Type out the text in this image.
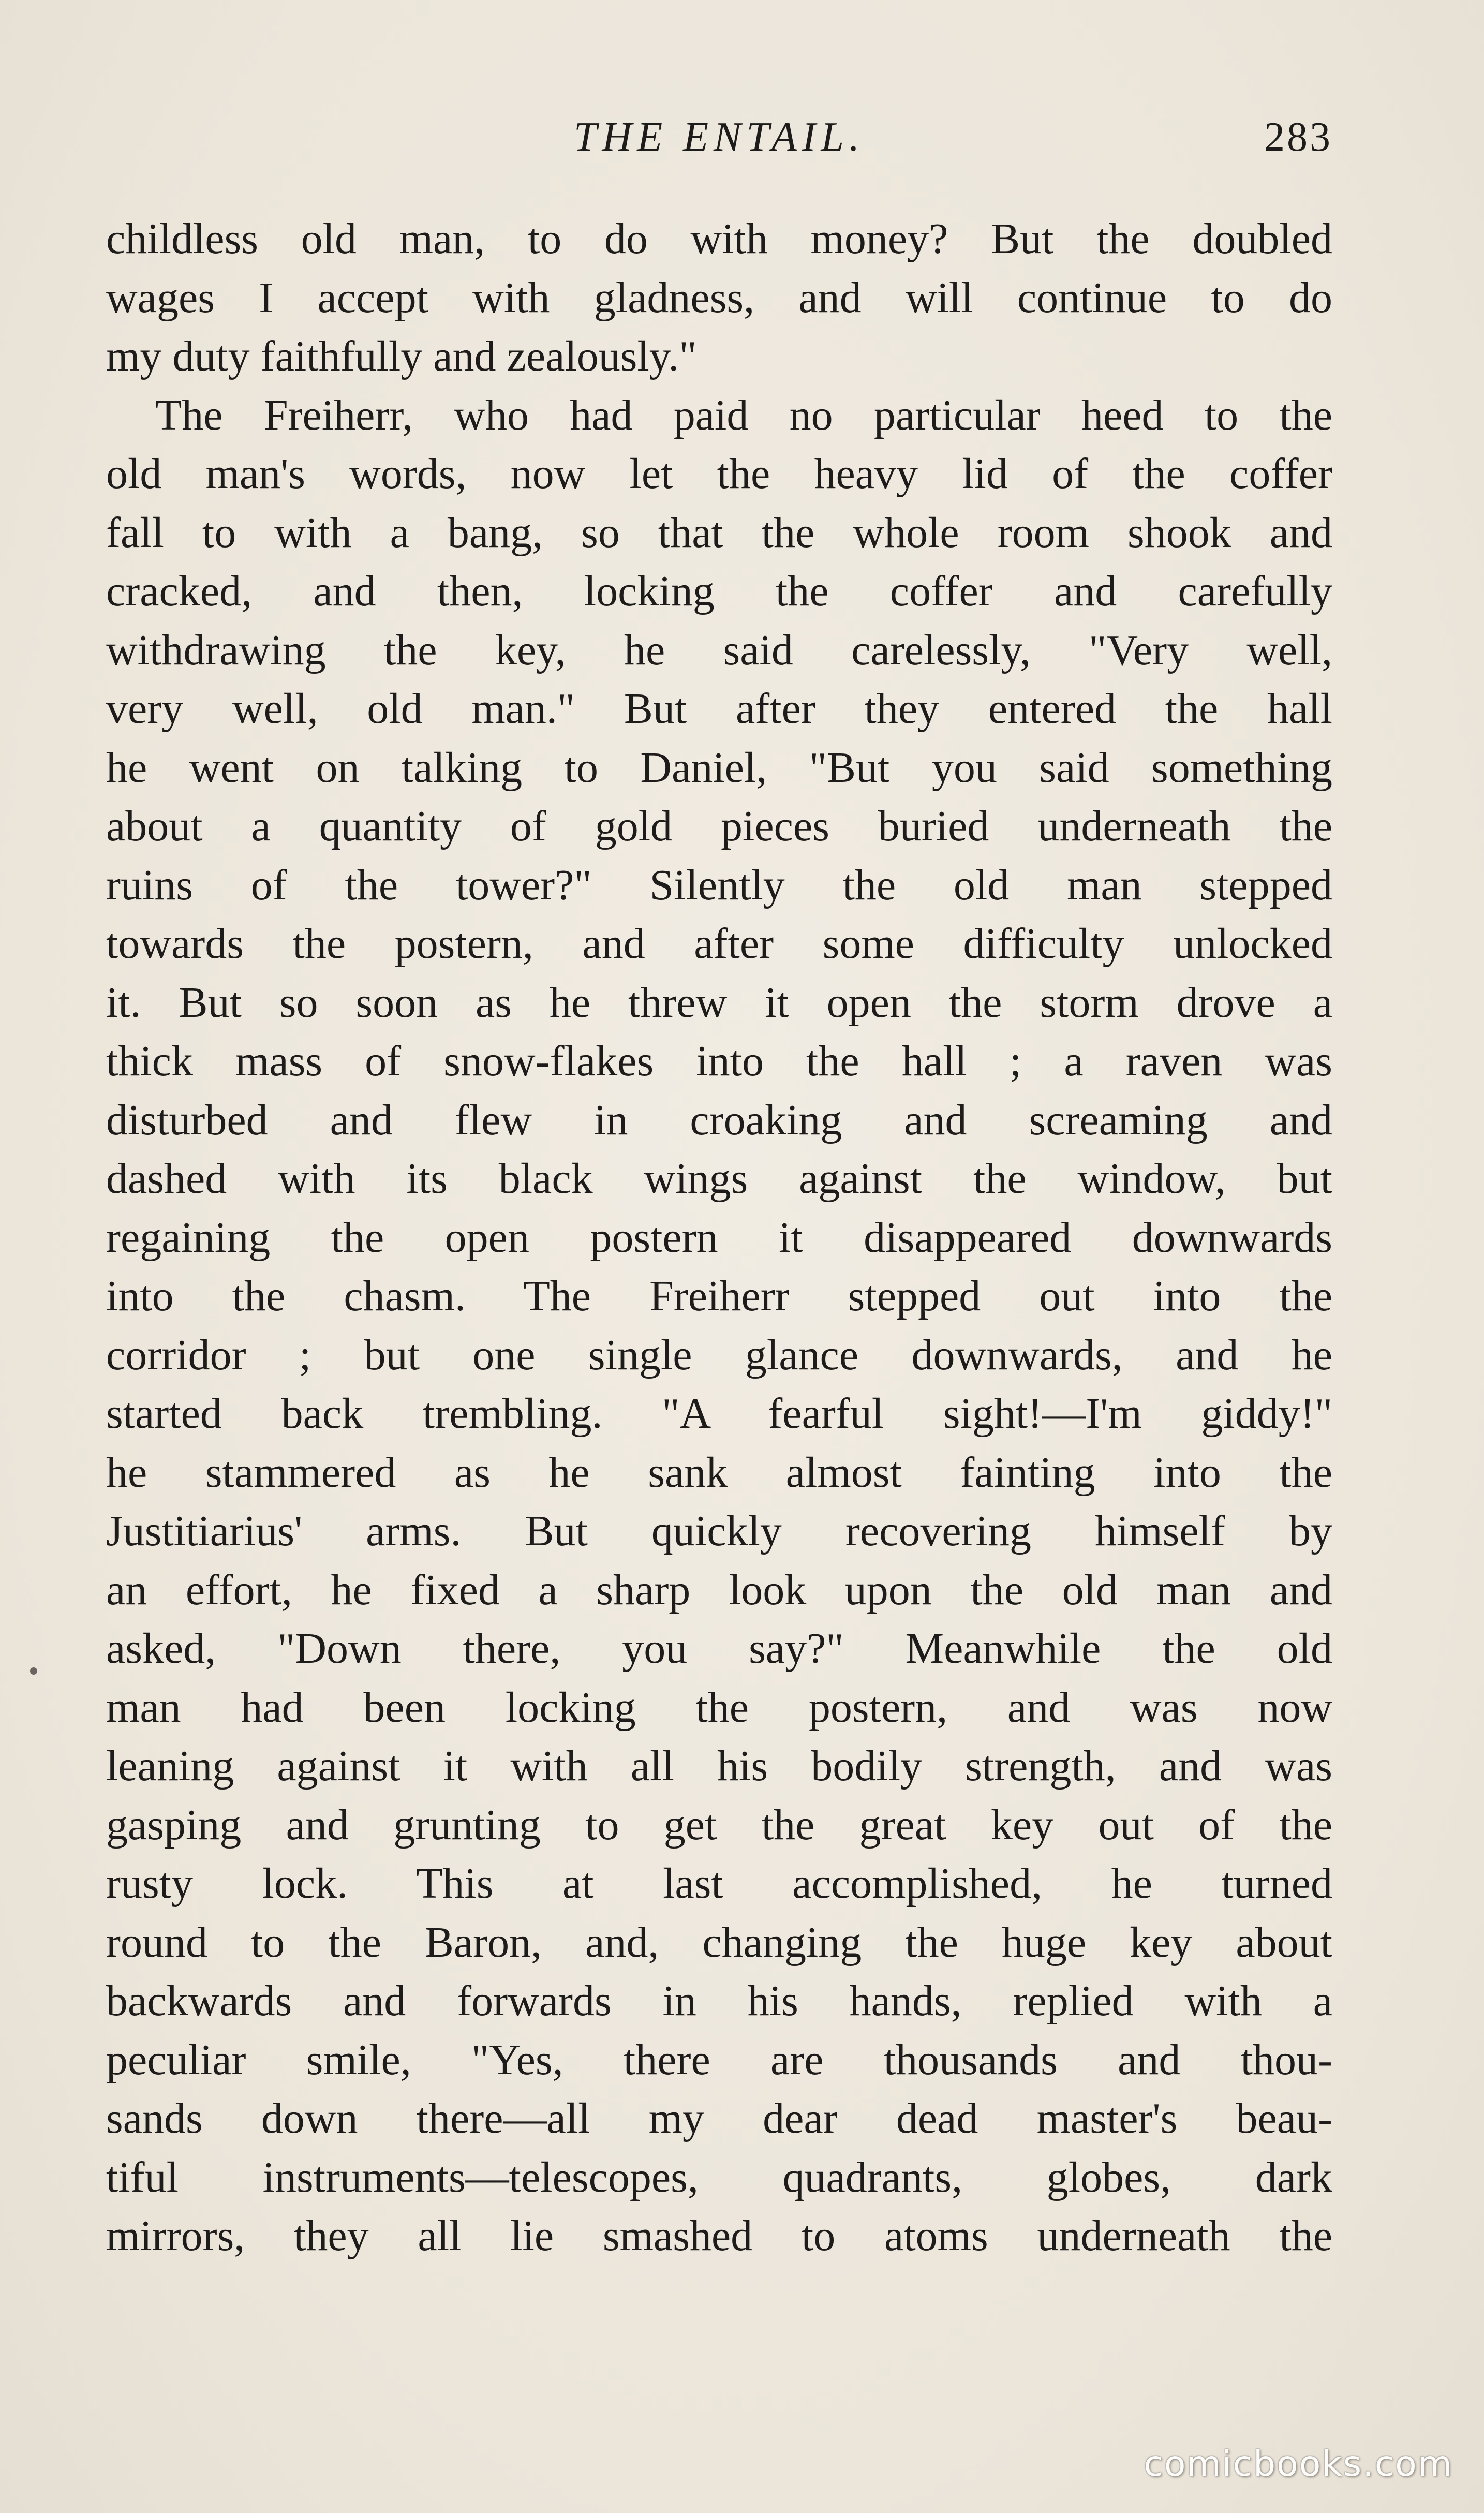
THE ENTAIL.	283
childless old man, to do with money? But the doubled
wages I accept with gladness, and will continue to do
my duty faithfully and zealously."
The Freiherr, who had paid no particular heed to the
old man's words, now let the heavy lid of the coffer
fall to with a bang, so that the whole room shook and
cracked, and then, locking the coffer and carefully
withdrawing the key, he said carelessly, "Very well,
very well, old man." But after they entered the hall
he went on talking to Daniel, "But you said something
about a quantity of gold pieces buried underneath the
ruins of the tower?" Silently the old man stepped
towards the postern, and after some difficulty unlocked
it. But so soon as he threw it open the storm drove a
thick mass of snow-flakes into the hall ; a raven was
disturbed and flew in croaking and screaming and
dashed with its black wings against the window, but
regaining the open postern it disappeared downwards
into the chasm. The Freiherr stepped out into the
corridor ; but one single glance downwards, and he
started back trembling. "A fearful sight!—I'm giddy!"
he stammered as he sank almost fainting into the
Justitiarius' arms. But quickly recovering himself by
an effort, he fixed a sharp look upon the old man and
asked, "Down there, you say?" Meanwhile the old
man had been locking the postern, and was now
leaning against it with all his bodily strength, and was
gasping and grunting to get the great key out of the
rusty lock. This at last accomplished, he turned
round to the Baron, and, changing the huge key about
backwards and forwards in his hands, replied with a
peculiar smile, "Yes, there are thousands and thou-
sands down there—all my dear dead master's beau-
tiful instruments—telescopes, quadrants, globes, dark
mirrors, they all lie smashed to atoms underneath the
comicbooks.com
